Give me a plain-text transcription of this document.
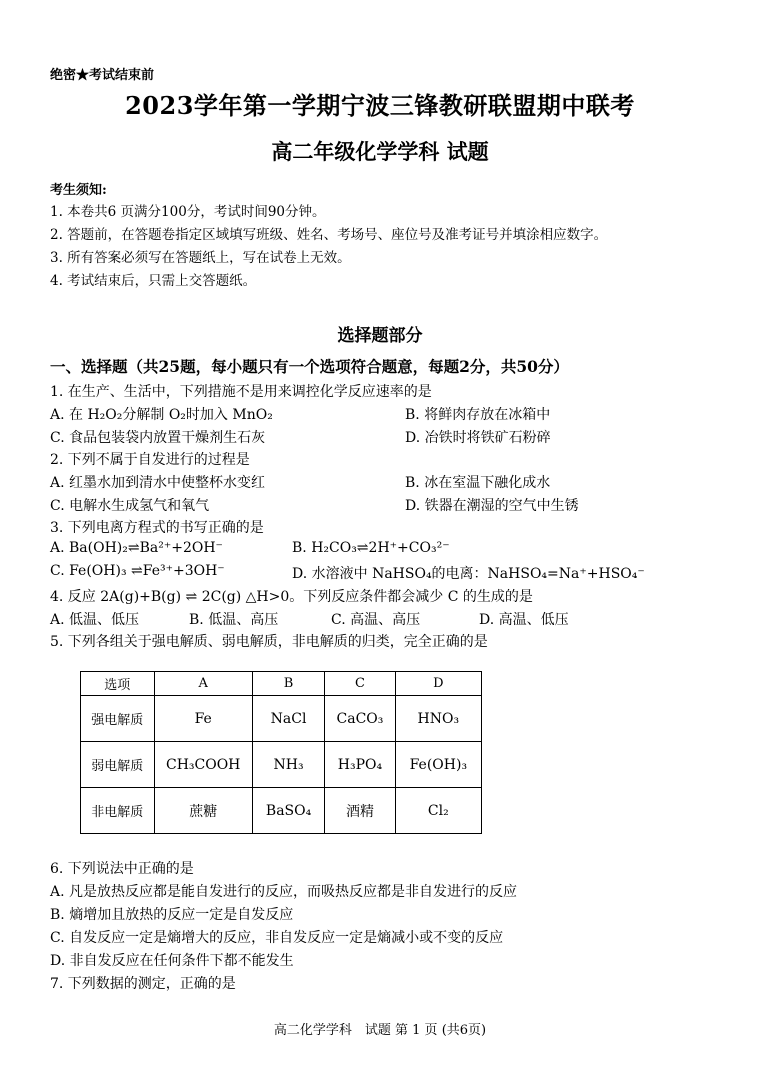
绝密★考试结束前
2023学年第一学期宁波三锋教研联盟期中联考
高二年级化学学科 试题
考生须知:
1. 本卷共6 页满分100分，考试时间90分钟。
2. 答题前，在答题卷指定区域填写班级、姓名、考场号、座位号及准考证号并填涂相应数字。
3. 所有答案必须写在答题纸上，写在试卷上无效。
4. 考试结束后，只需上交答题纸。
选择题部分
一、选择题（共25题，每小题只有一个选项符合题意，每题2分，共50分）
1. 在生产、生活中，下列措施不是用来调控化学反应速率的是
A. 在 H₂O₂分解制 O₂时加入 MnO₂	B. 将鲜肉存放在冰箱中
C. 食品包装袋内放置干燥剂生石灰	D. 冶铁时将铁矿石粉碎
2. 下列不属于自发进行的过程是
A. 红墨水加到清水中使整杯水变红	B. 冰在室温下融化成水
C. 电解水生成氢气和氧气	D. 铁器在潮湿的空气中生锈
3. 下列电离方程式的书写正确的是
A. Ba(OH)₂⇌Ba²⁺+2OH⁻	B. H₂CO₃⇌2H⁺+CO₃²⁻
C. Fe(OH)₃ ⇌Fe³⁺+3OH⁻	D. 水溶液中 NaHSO₄的电离：NaHSO₄=Na⁺+HSO₄⁻
4. 反应 2A(g)+B(g) ⇌ 2C(g) △H>0。下列反应条件都会减少 C 的生成的是
A. 低温、低压	B. 低温、高压	C. 高温、高压	D. 高温、低压
5. 下列各组关于强电解质、弱电解质，非电解质的归类，完全正确的是
选项	A	B	C	D
强电解质	Fe	NaCl	CaCO₃	HNO₃
弱电解质	CH₃COOH	NH₃	H₃PO₄	Fe(OH)₃
非电解质	蔗糖	BaSO₄	酒精	Cl₂
6. 下列说法中正确的是
A. 凡是放热反应都是能自发进行的反应，而吸热反应都是非自发进行的反应
B. 熵增加且放热的反应一定是自发反应
C. 自发反应一定是熵增大的反应，非自发反应一定是熵减小或不变的反应
D. 非自发反应在任何条件下都不能发生
7. 下列数据的测定，正确的是
高二化学学科　试题 第 1 页 (共6页)
